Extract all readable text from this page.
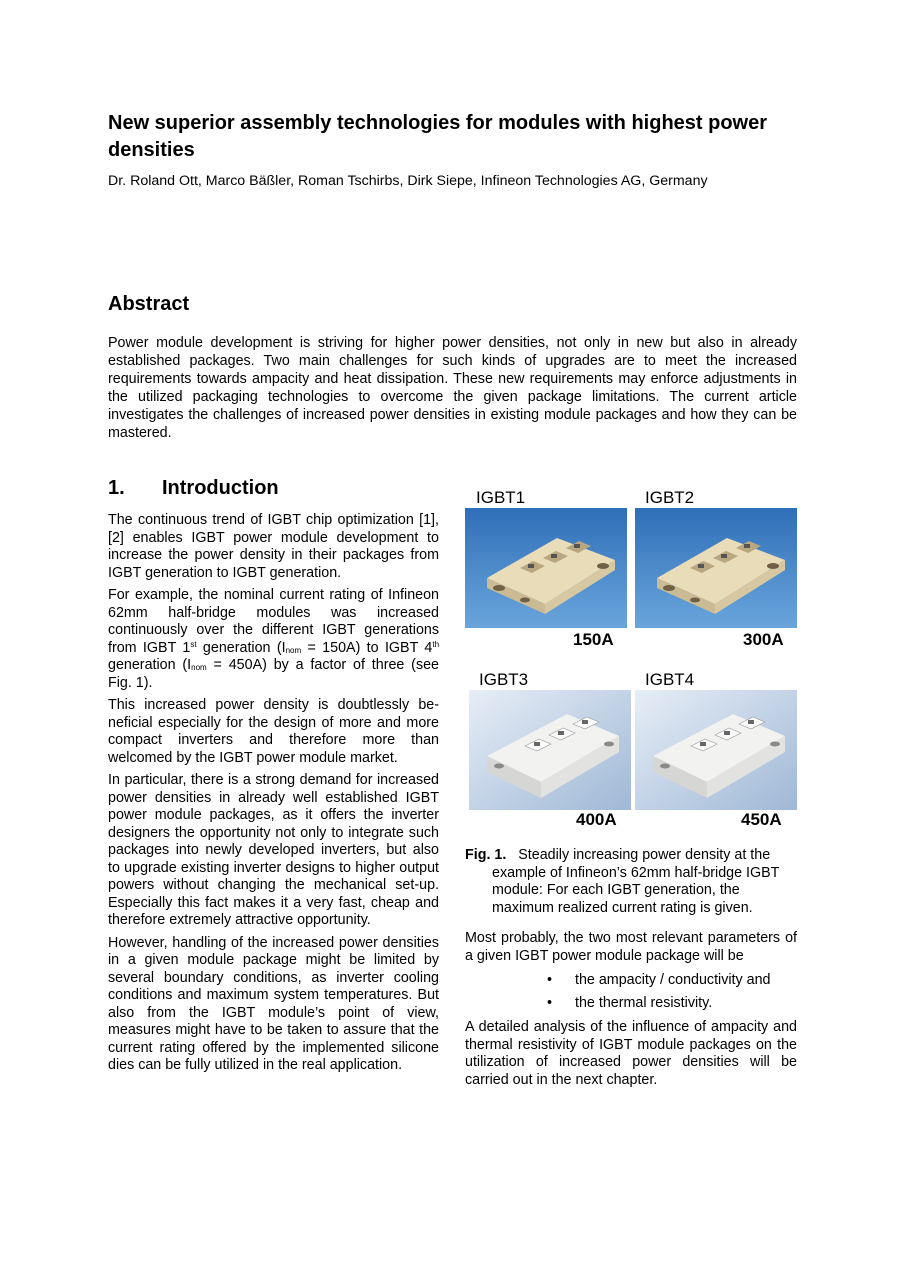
New superior assembly technologies for modules with highest power densities

Dr. Roland Ott, Marco Bäßler, Roman Tschirbs, Dirk Siepe, Infineon Technologies AG, Germany

Abstract

Power module development is striving for higher power densities, not only in new but also in already established packages. Two main challenges for such kinds of upgrades are to meet the increased requirements towards ampacity and heat dissipation. These new requirements may enforce adjustments in the utilized packaging technologies to overcome the given package limitations. The current article investigates the challenges of increased power densities in existing module packages and how they can be mastered.

1. Introduction

The continuous trend of IGBT chip optimization [1], [2] enables IGBT power module development to increase the power density in their packages from IGBT generation to IGBT generation.

For example, the nominal current rating of Infineon 62mm half-bridge modules was increased continuously over the different IGBT generations from IGBT 1st generation $(I_{nom} = 150A)$ to IGBT 4th generation $(I_{nom} = 450A)$ by a factor of three (see Fig. 1).

This increased power density is doubtlessly beneficial especially for the design of more and more compact inverters and therefore more than welcomed by the IGBT power module market.

In particular, there is a strong demand for increased power densities in already well established IGBT power module packages, as it offers the inverter designers the opportunity not only to integrate such packages into newly developed inverters, but also to upgrade existing inverter designs to higher output powers without changing the mechanical set-up. Especially this fact makes it a very fast, cheap and therefore extremely attractive opportunity.

However, handling of the increased power densities in a given module package might be limited by several boundary conditions, as inverter cooling conditions and maximum system temperatures. But also from the IGBT module’s point of view, measures might have to be taken to assure that the current rating offered by the implemented silicone dies can be fully utilized in the real application.

IGBT1	IGBT2
150A	300A
IGBT3	IGBT4
400A	450A

Fig. 1. Steadily increasing power density at the
example of Infineon’s 62mm half-bridge IGBT module: For each IGBT generation, the maximum realized current rating is given.

Most probably, the two most relevant parameters of a given IGBT power module package will be

• the ampacity / conductivity and
• the thermal resistivity.

A detailed analysis of the influence of ampacity and thermal resistivity of IGBT module packages on the utilization of increased power densities will be carried out in the next chapter.
